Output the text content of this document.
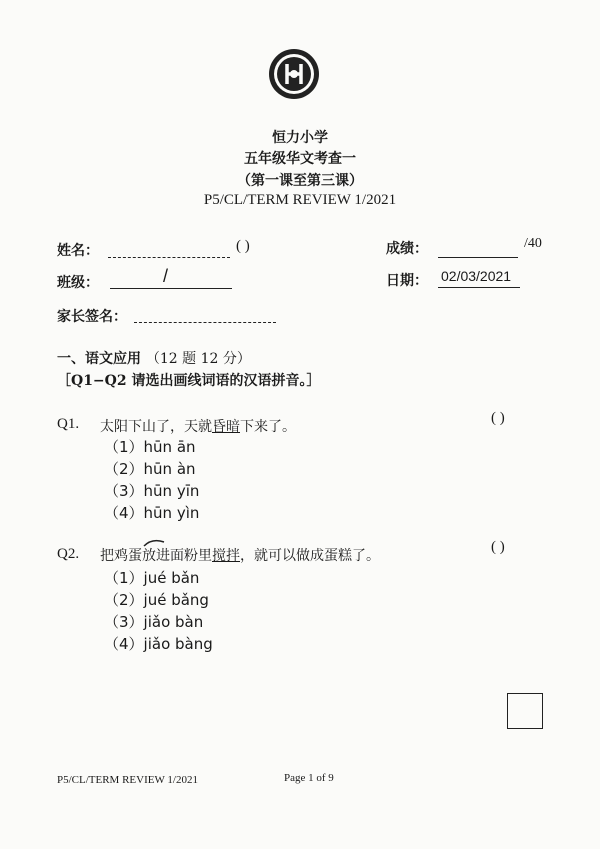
恒力小学
五年级华文考查一
（第一课至第三课）
P5/CL/TERM REVIEW 1/2021
姓名：	( )	成绩：	/40
班级：	/	日期： 02/03/2021
家长签名：
一、语文应用 （12 题 12 分）
［Q1−Q2 请选出画线词语的汉语拼音。］
Q1. 太阳下山了，天就昏暗下来了。
( )
（1）hūn ān
（2）hūn àn
（3）hūn yīn
（4）hūn yìn
Q2. 把鸡蛋放进面粉里搅拌，就可以做成蛋糕了。
( )
（1）jué bǎn
（2）jué bǎng
（3）jiǎo bàn
（4）jiǎo bàng
P5/CL/TERM REVIEW 1/2021	Page 1 of 9
